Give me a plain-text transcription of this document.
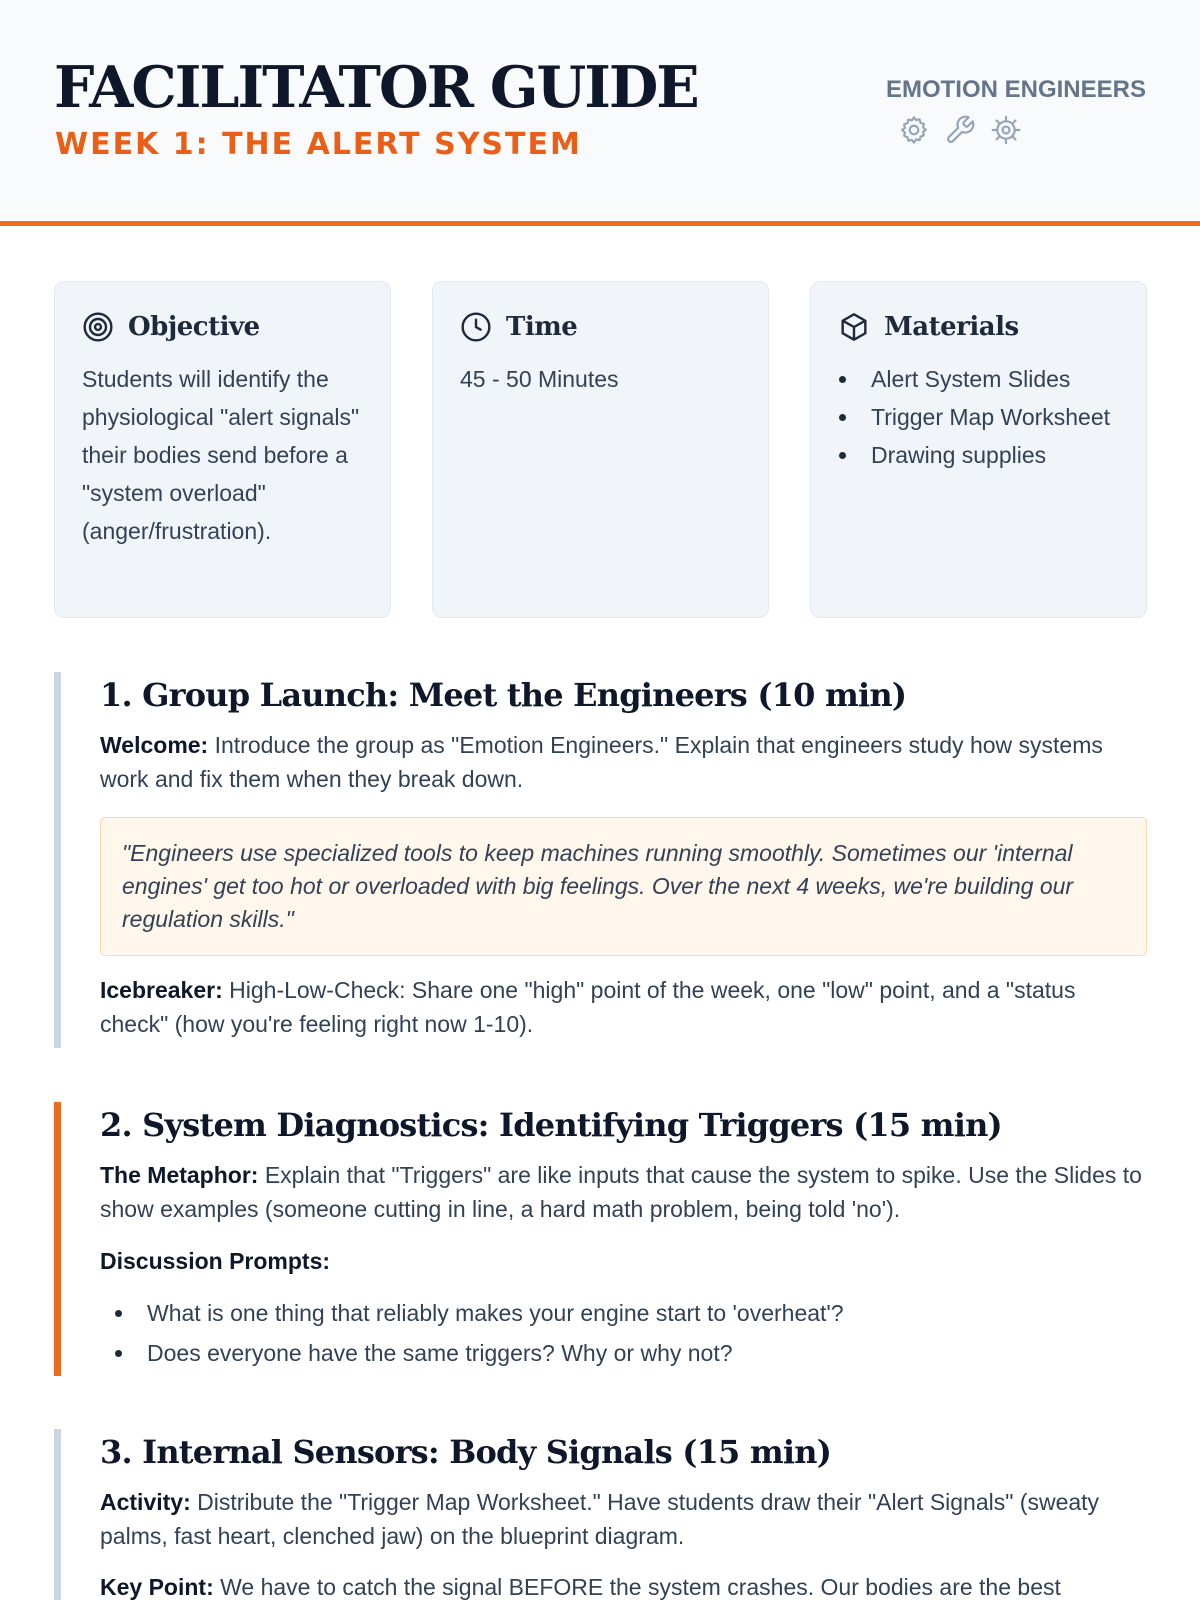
FACILITATOR GUIDE
WEEK 1: THE ALERT SYSTEM
EMOTION ENGINEERS
Objective
Students will identify the physiological "alert signals" their bodies send before a "system overload" (anger/frustration).
Time
45 - 50 Minutes
Materials
Alert System Slides
Trigger Map Worksheet
Drawing supplies
1. Group Launch: Meet the Engineers (10 min)

Welcome: Introduce the group as "Emotion Engineers." Explain that engineers study how systems work and fix them when they break down.

"Engineers use specialized tools to keep machines running smoothly. Sometimes our 'internal engines' get too hot or overloaded with big feelings. Over the next 4 weeks, we're building our regulation skills."

Icebreaker: High-Low-Check: Share one "high" point of the week, one "low" point, and a "status check" (how you're feeling right now 1-10).

2. System Diagnostics: Identifying Triggers (15 min)

The Metaphor: Explain that "Triggers" are like inputs that cause the system to spike. Use the Slides to show examples (someone cutting in line, a hard math problem, being told 'no').

Discussion Prompts:

What is one thing that reliably makes your engine start to 'overheat'?
Does everyone have the same triggers? Why or why not?
3. Internal Sensors: Body Signals (15 min)

Activity: Distribute the "Trigger Map Worksheet." Have students draw their "Alert Signals" (sweaty palms, fast heart, clenched jaw) on the blueprint diagram.

Key Point: We have to catch the signal BEFORE the system crashes. Our bodies are the best
